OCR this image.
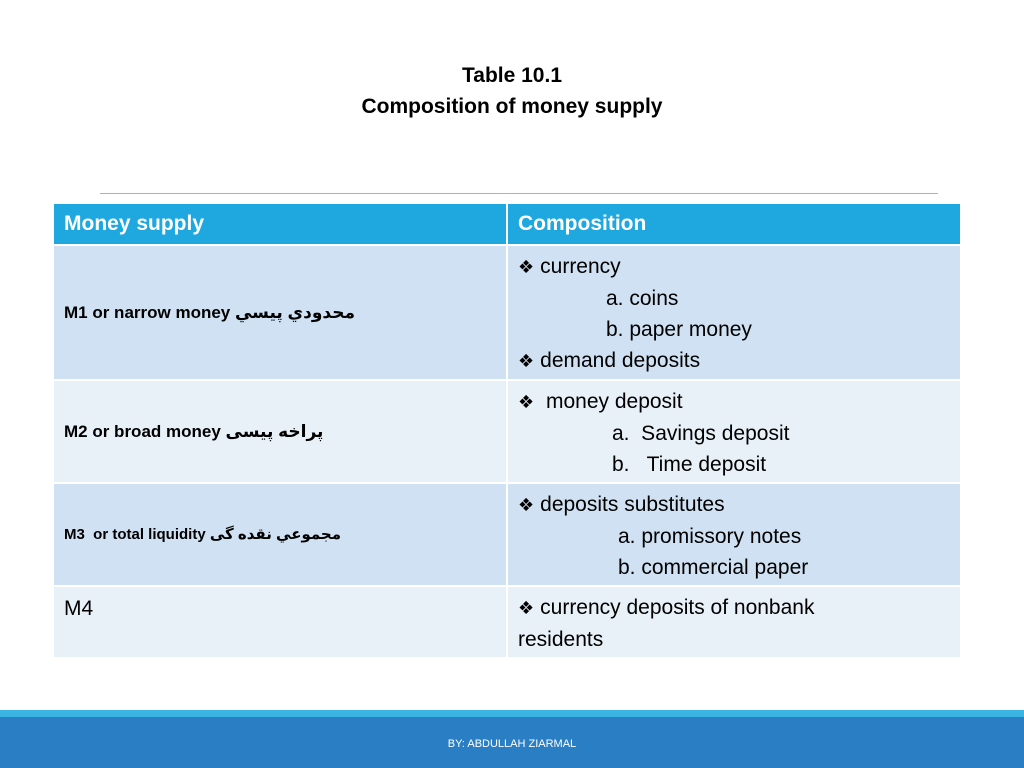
Table 10.1
Composition of money supply
Money supply	Composition
M1 or narrow money محدودي پیسي	❖ currency
a. coins
b. paper money
❖ demand deposits

M2 or broad money پراخه پیسی	❖ money deposit
a.  Savings deposit
b.   Time deposit

M3  or total liquidity مجموعي نقده گی	❖ deposits substitutes
a. promissory notes
b. commercial paper

M4	❖ currency deposits of nonbank
residents
BY: ABDULLAH ZIARMAL
